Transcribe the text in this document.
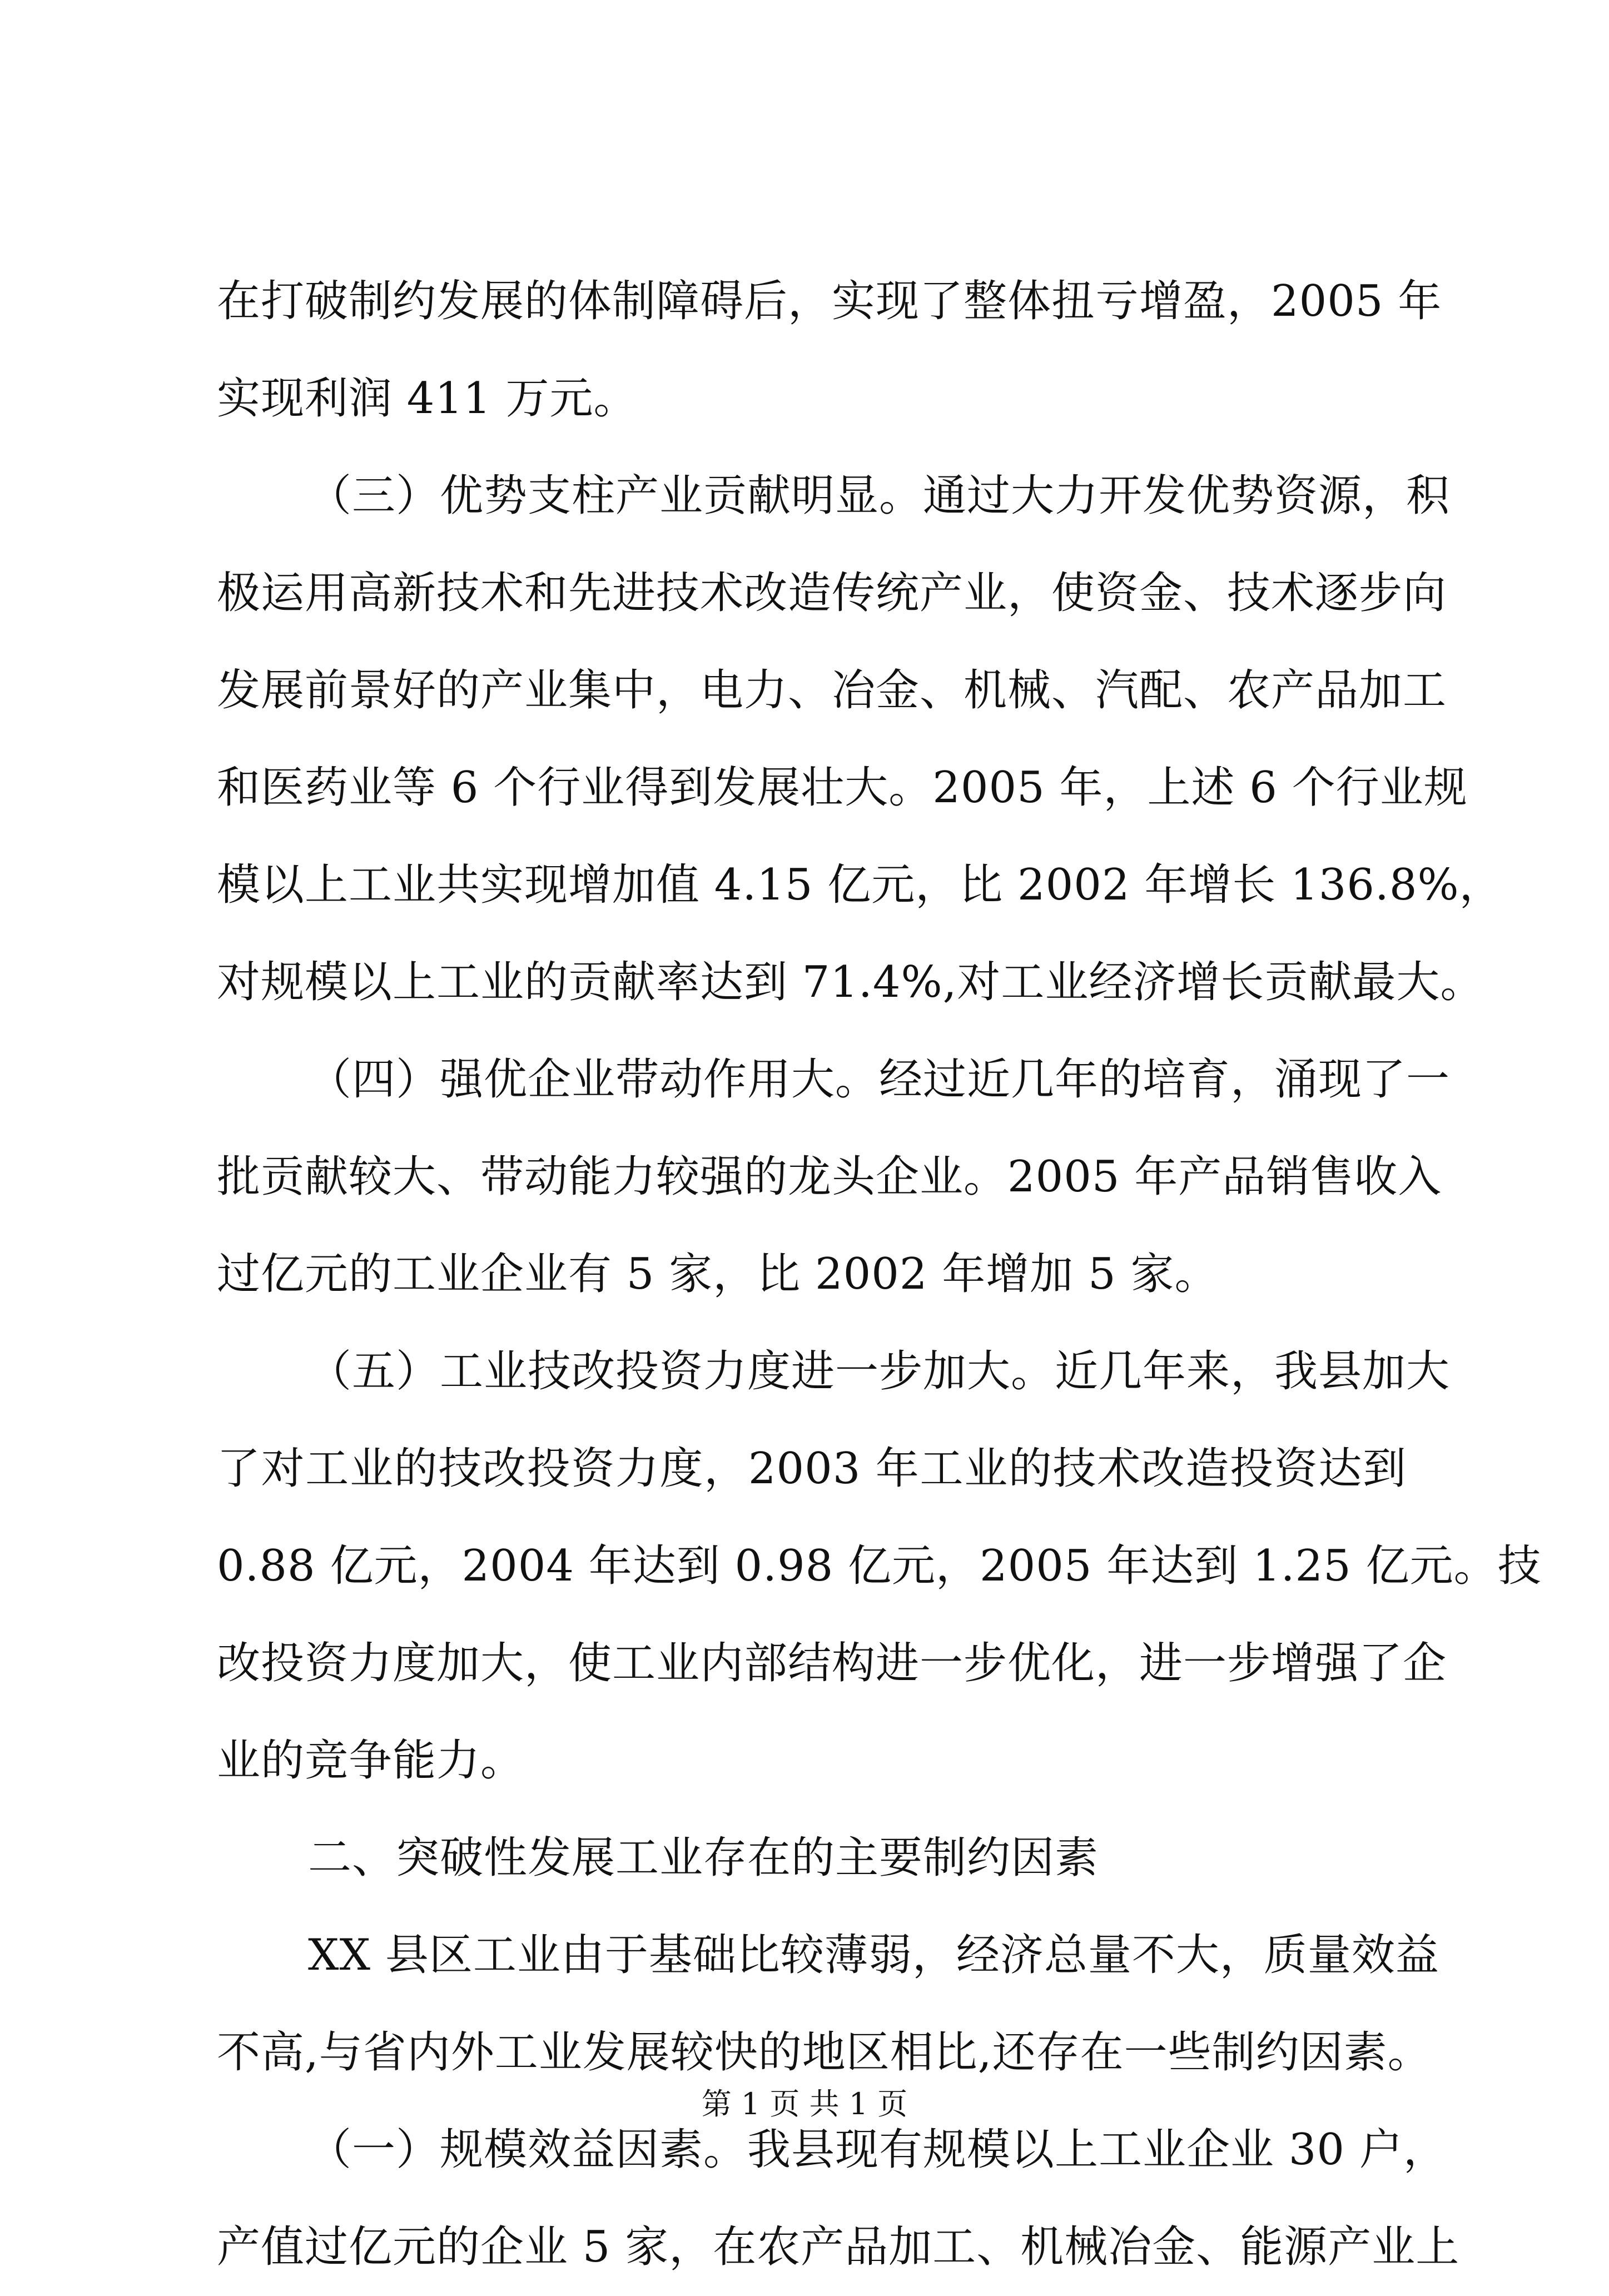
在打破制约发展的体制障碍后，实现了整体扭亏增盈，2005 年
实现利润 411 万元。
（三）优势支柱产业贡献明显。通过大力开发优势资源，积
极运用高新技术和先进技术改造传统产业，使资金、技术逐步向
发展前景好的产业集中，电力、冶金、机械、汽配、农产品加工
和医药业等 6 个行业得到发展壮大。2005 年，上述 6 个行业规
模以上工业共实现增加值 4.15 亿元，比 2002 年增长 136.8%，
对规模以上工业的贡献率达到 71.4%,对工业经济增长贡献最大。
（四）强优企业带动作用大。经过近几年的培育，涌现了一
批贡献较大、带动能力较强的龙头企业。2005 年产品销售收入
过亿元的工业企业有 5 家，比 2002 年增加 5 家。
（五）工业技改投资力度进一步加大。近几年来，我县加大
了对工业的技改投资力度，2003 年工业的技术改造投资达到
0.88 亿元，2004 年达到 0.98 亿元，2005 年达到 1.25 亿元。技
改投资力度加大，使工业内部结构进一步优化，进一步增强了企
业的竞争能力。
二、突破性发展工业存在的主要制约因素
XX 县区工业由于基础比较薄弱，经济总量不大，质量效益
不高,与省内外工业发展较快的地区相比,还存在一些制约因素。
（一）规模效益因素。我县现有规模以上工业企业 30 户，
产值过亿元的企业 5 家，在农产品加工、机械冶金、能源产业上
第 1 页 共 1 页
